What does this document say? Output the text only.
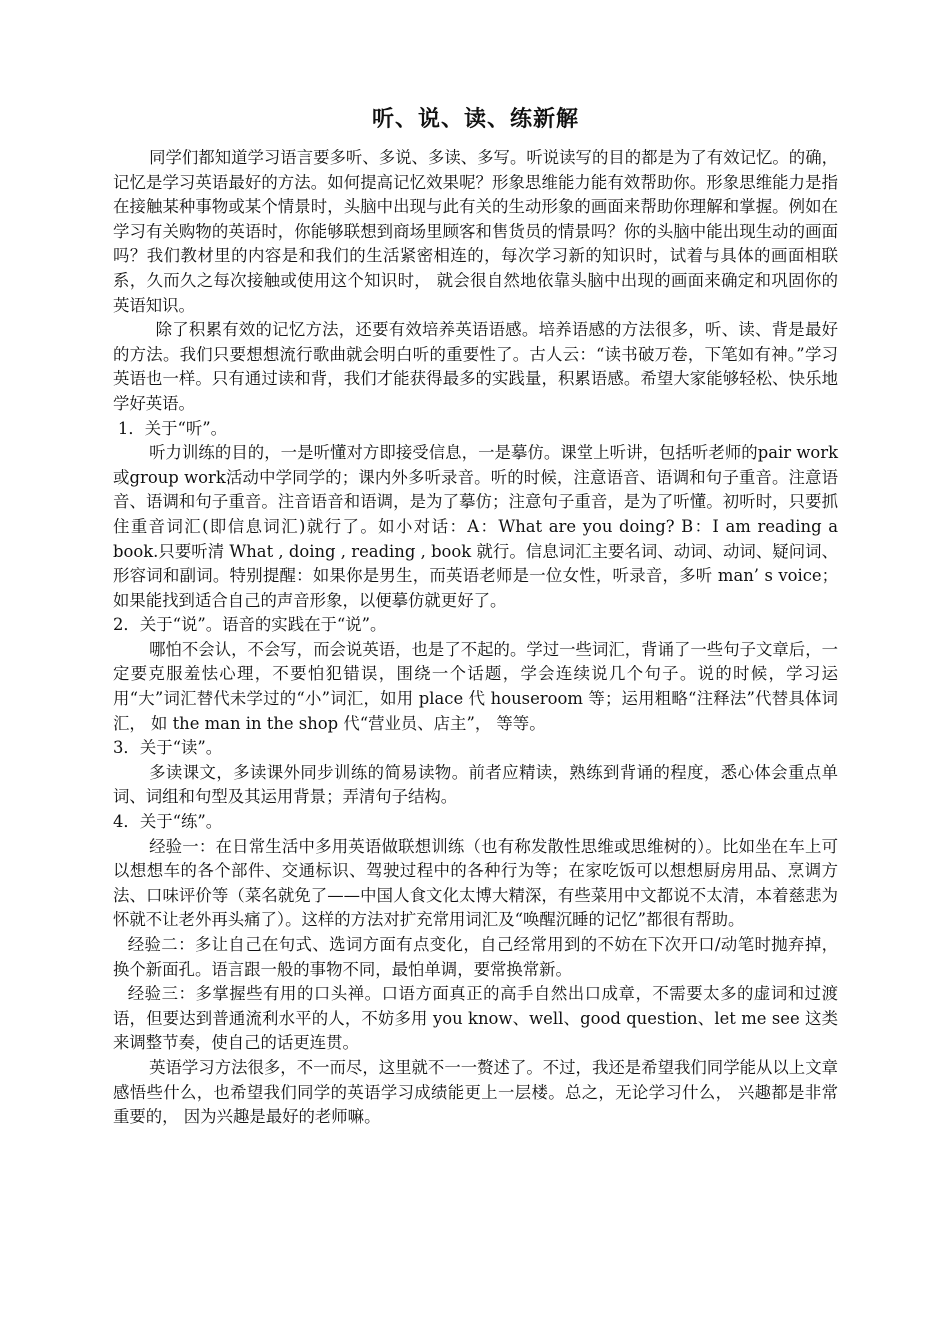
听、说、读、练新解

同学们都知道学习语言要多听、多说、多读、多写。听说读写的目的都是为了有效记忆。的确，记忆是学习英语最好的方法。如何提高记忆效果呢？形象思维能力能有效帮助你。形象思维能力是指在接触某种事物或某个情景时，头脑中出现与此有关的生动形象的画面来帮助你理解和掌握。例如在学习有关购物的英语时，你能够联想到商场里顾客和售货员的情景吗？你的头脑中能出现生动的画面吗？我们教材里的内容是和我们的生活紧密相连的，每次学习新的知识时，试着与具体的画面相联系，久而久之每次接触或使用这个知识时， 就会很自然地依靠头脑中出现的画面来确定和巩固你的英语知识。

除了积累有效的记忆方法，还要有效培养英语语感。培养语感的方法很多，听、读、背是最好的方法。我们只要想想流行歌曲就会明白听的重要性了。古人云：“读书破万卷，下笔如有神。”学习英语也一样。只有通过读和背，我们才能获得最多的实践量，积累语感。希望大家能够轻松、快乐地学好英语。

1．关于“听”。

听力训练的目的，一是听懂对方即接受信息，一是摹仿。课堂上听讲，包括听老师的pair work或group work活动中学同学的；课内外多听录音。听的时候，注意语音、语调和句子重音。注意语音、语调和句子重音。注音语音和语调，是为了摹仿；注意句子重音，是为了听懂。初听时，只要抓住重音词汇(即信息词汇)就行了。如小对话：A：What are you doing? B：I am reading a book.只要听清 What , doing , reading , book 就行。信息词汇主要名词、动词、动词、疑问词、形容词和副词。特别提醒：如果你是男生，而英语老师是一位女性，听录音，多听 man’ s voice；如果能找到适合自己的声音形象，以便摹仿就更好了。

2．关于“说”。语音的实践在于“说”。

哪怕不会认，不会写，而会说英语，也是了不起的。学过一些词汇，背诵了一些句子文章后，一定要克服羞怯心理，不要怕犯错误，围绕一个话题，学会连续说几个句子。说的时候，学习运用“大”词汇替代未学过的“小”词汇，如用 place 代 houseroom 等；运用粗略“注释法”代替具体词汇， 如 the man in the shop 代“营业员、店主”， 等等。

3．关于“读”。

多读课文，多读课外同步训练的简易读物。前者应精读，熟练到背诵的程度，悉心体会重点单词、词组和句型及其运用背景；弄清句子结构。

4．关于“练”。

经验一：在日常生活中多用英语做联想训练（也有称发散性思维或思维树的）。比如坐在车上可以想想车的各个部件、交通标识、驾驶过程中的各种行为等；在家吃饭可以想想厨房用品、烹调方法、口味评价等（菜名就免了——中国人食文化太博大精深，有些菜用中文都说不太清，本着慈悲为怀就不让老外再头痛了）。这样的方法对扩充常用词汇及“唤醒沉睡的记忆”都很有帮助。

经验二：多让自己在句式、选词方面有点变化，自己经常用到的不妨在下次开口/动笔时抛弃掉，换个新面孔。语言跟一般的事物不同，最怕单调，要常换常新。

经验三：多掌握些有用的口头禅。口语方面真正的高手自然出口成章，不需要太多的虚词和过渡语，但要达到普通流利水平的人，不妨多用 you know、well、good question、let me see 这类来调整节奏，使自己的话更连贯。

英语学习方法很多，不一而尽，这里就不一一赘述了。不过，我还是希望我们同学能从以上文章感悟些什么，也希望我们同学的英语学习成绩能更上一层楼。总之，无论学习什么， 兴趣都是非常重要的， 因为兴趣是最好的老师嘛。
